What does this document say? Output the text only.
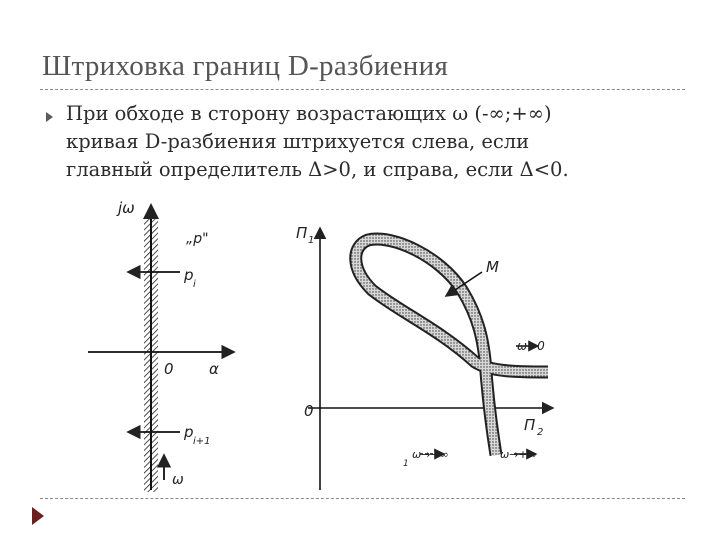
Штриховка границ D-разбиения
При обходе в сторону возрастающих ω (-∞;+∞)
кривая D-разбиения штрихуется слева, если
главный определитель Δ>0, и справа, если Δ<0.
jω
α
0
„p"
p
i
p
i+1
ω
П 1
П 2
0
M
ω→0
ω→−∞	ω→+∞
1
